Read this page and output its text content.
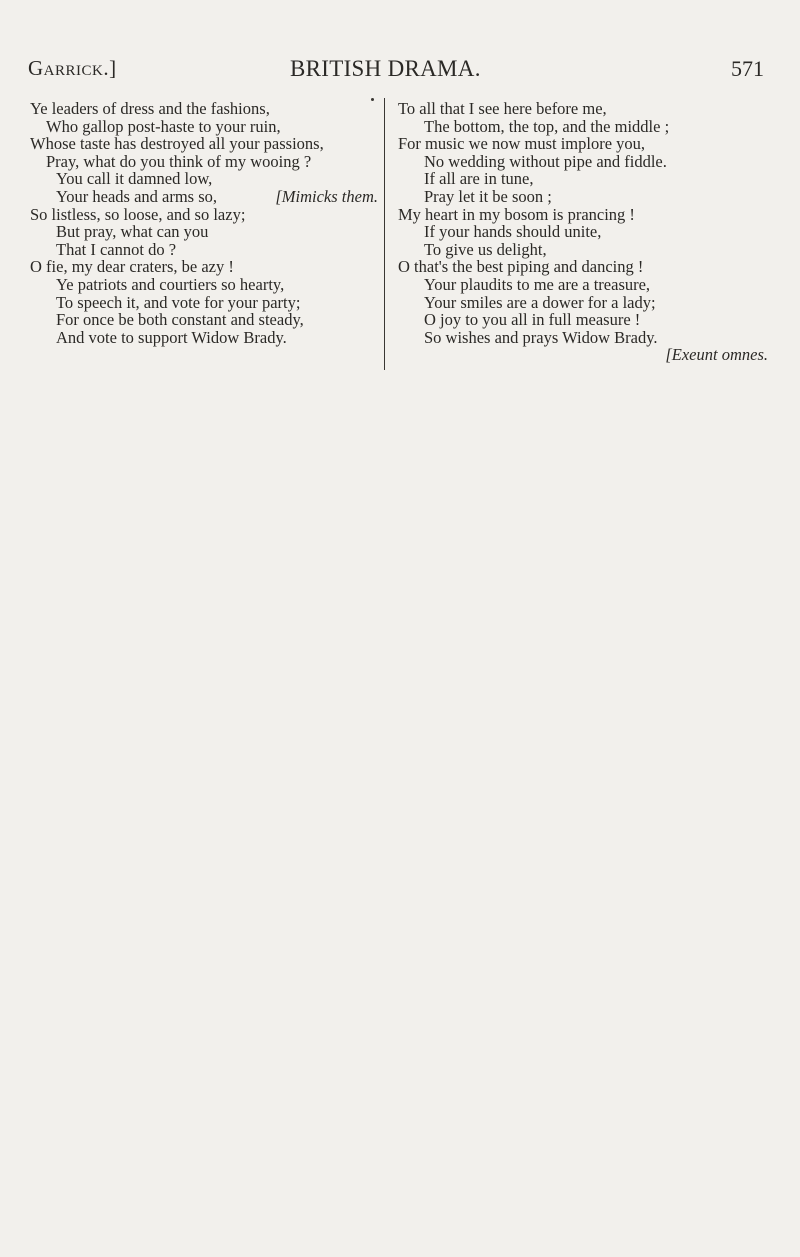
Garrick.]	BRITISH DRAMA.	571
Ye leaders of dress and the fashions,
Who gallop post-haste to your ruin,
Whose taste has destroyed all your passions,
Pray, what do you think of my wooing ?
You call it damned low,
Your heads and arms so,	[Mimicks them.
So listless, so loose, and so lazy;
But pray, what can you
That I cannot do ?
O fie, my dear craters, be azy !
Ye patriots and courtiers so hearty,
To speech it, and vote for your party;
For once be both constant and steady,
And vote to support Widow Brady.
To all that I see here before me,
The bottom, the top, and the middle ;
For music we now must implore you,
No wedding without pipe and fiddle.
If all are in tune,
Pray let it be soon ;
My heart in my bosom is prancing !
If your hands should unite,
To give us delight,
O that's the best piping and dancing !
Your plaudits to me are a treasure,
Your smiles are a dower for a lady;
O joy to you all in full measure !
So wishes and prays Widow Brady.
[Exeunt omnes.
